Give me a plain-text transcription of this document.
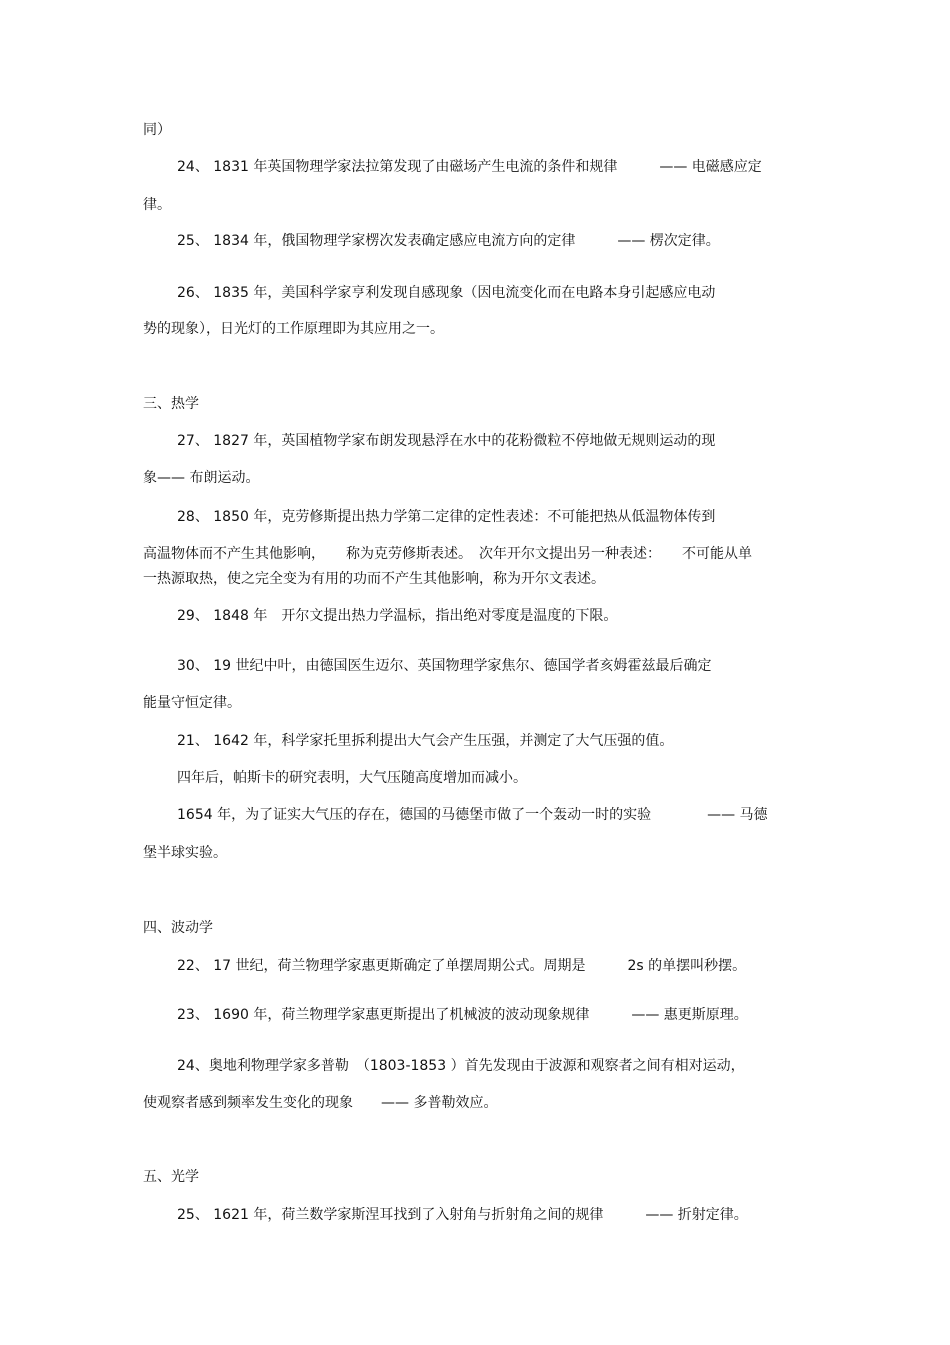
同）
24、 1831 年英国物理学家法拉第发现了由磁场产生电流的条件和规律　　　—— 电磁感应定
律。
25、 1834 年，俄国物理学家楞次发表确定感应电流方向的定律　　　—— 楞次定律。
26、 1835 年，美国科学家亨利发现自感现象（因电流变化而在电路本身引起感应电动
势的现象），日光灯的工作原理即为其应用之一。
三、热学
27、 1827 年，英国植物学家布朗发现悬浮在水中的花粉微粒不停地做无规则运动的现
象—— 布朗运动。
28、 1850 年，克劳修斯提出热力学第二定律的定性表述：不可能把热从低温物体传到
高温物体而不产生其他影响，　　称为克劳修斯表述。　次年开尔文提出另一种表述：　　不可能从单
一热源取热，使之完全变为有用的功而不产生其他影响，称为开尔文表述。
29、 1848 年　开尔文提出热力学温标，指出绝对零度是温度的下限。
30、 19 世纪中叶，由德国医生迈尔、英国物理学家焦尔、德国学者亥姆霍兹最后确定
能量守恒定律。
21、 1642 年，科学家托里拆利提出大气会产生压强，并测定了大气压强的值。
四年后，帕斯卡的研究表明，大气压随高度增加而减小。
1654 年，为了证实大气压的存在，德国的马德堡市做了一个轰动一时的实验　　　　—— 马德
堡半球实验。
四、波动学
22、 17 世纪，荷兰物理学家惠更斯确定了单摆周期公式。周期是　　　2s 的单摆叫秒摆。
23、 1690 年，荷兰物理学家惠更斯提出了机械波的波动现象规律　　　—— 惠更斯原理。
24、奥地利物理学家多普勒　（1803-1853 ）首先发现由于波源和观察者之间有相对运动，
使观察者感到频率发生变化的现象　　—— 多普勒效应。
五、光学
25、 1621 年，荷兰数学家斯涅耳找到了入射角与折射角之间的规律　　　—— 折射定律。
